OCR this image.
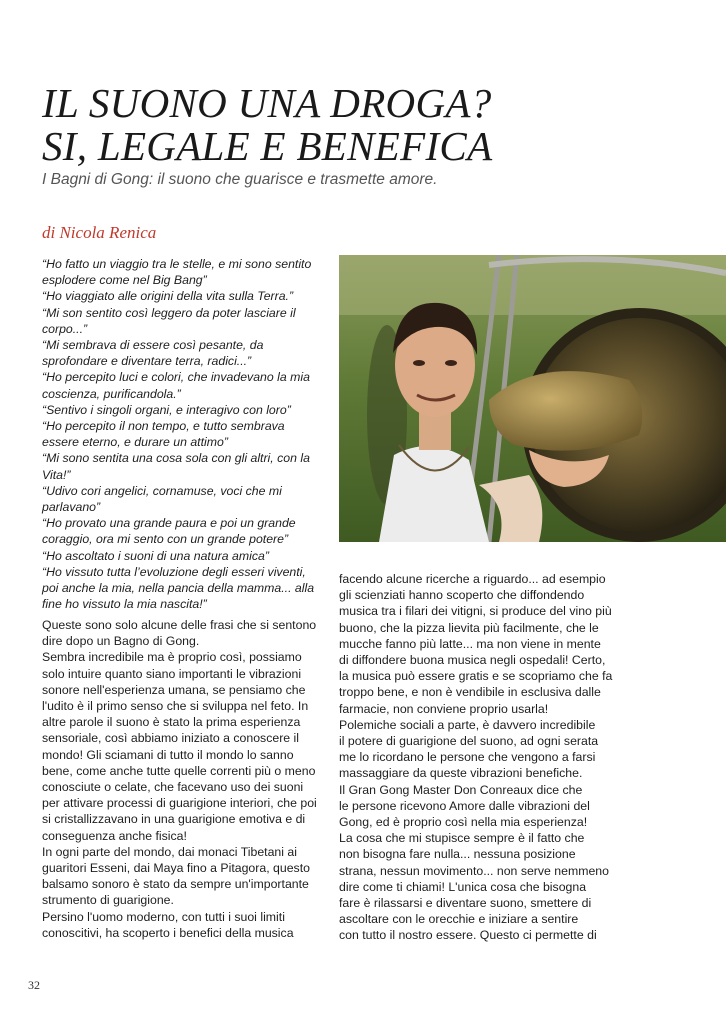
IL SUONO UNA DROGA?
SI, LEGALE E BENEFICA
I Bagni di Gong: il suono che guarisce e trasmette amore.
di Nicola Renica

“Ho fatto un viaggio tra le stelle, e mi sono sentito

esplodere come nel Big Bang”

“Ho viaggiato alle origini della vita sulla Terra.”

“Mi son sentito così leggero da poter lasciare il

corpo...”

“Mi sembrava di essere così pesante, da

sprofondare e diventare terra, radici...”

“Ho percepito luci e colori, che invadevano la mia

coscienza, purificandola.”

“Sentivo i singoli organi, e interagivo con loro”

“Ho percepito il non tempo, e tutto sembrava

essere eterno, e durare un attimo”

“Mi sono sentita una cosa sola con gli altri, con la

Vita!”

“Udivo cori angelici, cornamuse, voci che mi

parlavano”

“Ho provato una grande paura e poi un grande

coraggio, ora mi sento con un grande potere”

“Ho ascoltato i suoni di una natura amica”

“Ho vissuto tutta l’evoluzione degli esseri viventi,

poi anche la mia, nella pancia della mamma... alla

fine ho vissuto la mia nascita!”

Queste sono solo alcune delle frasi che si sentono

dire dopo un Bagno di Gong.

Sembra incredibile ma è proprio così, possiamo

solo intuire quanto siano importanti le vibrazioni

sonore nell'esperienza umana, se pensiamo che

l'udito è il primo senso che si sviluppa nel feto. In

altre parole il suono è stato la prima esperienza

sensoriale, così abbiamo iniziato a conoscere il

mondo! Gli sciamani di tutto il mondo lo sanno

bene, come anche tutte quelle correnti più o meno

conosciute o celate, che facevano uso dei suoni

per attivare processi di guarigione interiori, che poi

si cristallizzavano in una guarigione emotiva e di

conseguenza anche fisica!

In ogni parte del mondo, dai monaci Tibetani ai

guaritori Esseni, dai Maya fino a Pitagora, questo

balsamo sonoro è stato da sempre un'importante

strumento di guarigione.

Persino l'uomo moderno, con tutti i suoi limiti

conoscitivi, ha scoperto i benefici della musica

facendo alcune ricerche a riguardo... ad esempio

gli scienziati hanno scoperto che diffondendo

musica tra i filari dei vitigni, si produce del vino più

buono, che la pizza lievita più facilmente, che le

mucche fanno più latte... ma non viene in mente

di diffondere buona musica negli ospedali! Certo,

la musica può essere gratis e se scopriamo che fa

troppo bene, e non è vendibile in esclusiva dalle

farmacie, non conviene proprio usarla!

Polemiche sociali a parte, è davvero incredibile

il potere di guarigione del suono, ad ogni serata

me lo ricordano le persone che vengono a farsi

massaggiare da queste vibrazioni benefiche.

Il Gran Gong Master Don Conreaux dice che

le persone ricevono Amore dalle vibrazioni del

Gong, ed è proprio così nella mia esperienza!

La cosa che mi stupisce sempre è il fatto che

non bisogna fare nulla... nessuna posizione

strana, nessun movimento... non serve nemmeno

dire come ti chiami! L'unica cosa che bisogna

fare è rilassarsi e diventare suono, smettere di

ascoltare con le orecchie e iniziare a sentire

con tutto il nostro essere. Questo ci permette di

32
